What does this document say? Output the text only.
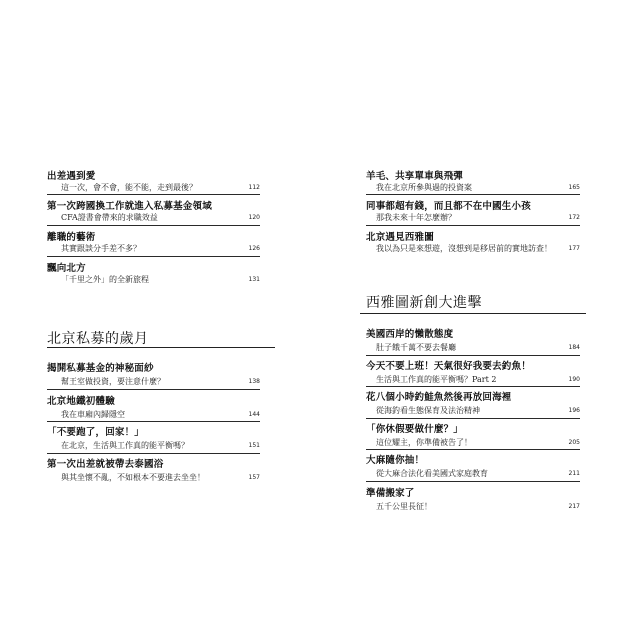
出差遇到愛
這一次，會不會，能不能，走到最後？	112
第一次跨國換工作就進入私募基金領域
CFA證書會帶來的求職效益	120
離職的藝術
其實跟談分手差不多？	126
飄向北方
「千里之外」的全新旅程	131
北京私募的歲月
揭開私募基金的神秘面紗
幫王室做投資，要注意什麼？	138
北京地鐵初體驗
我在車廂內歸隱空	144
「不要跑了，回家！」
在北京，生活與工作真的能平衡嗎？	151
第一次出差就被帶去泰國浴
與其坐懷不亂，不如根本不要進去坐坐！	157
羊毛、共享單車與飛彈
我在北京所參與過的投資案	165
同事都超有錢，而且都不在中國生小孩
那我未來十年怎麼辦？	172
北京遇見西雅圖
我以為只是來想遊，沒想到是移居前的實地訪查！	177
西雅圖新創大進擊
美國西岸的懶散態度
肚子餓千萬不要去餐廳	184
今天不要上班！天氣很好我要去釣魚！
生活與工作真的能平衡嗎？Part 2	190
花八個小時釣鮭魚然後再放回海裡
從海釣看生態保育及法治精神	196
「你休假要做什麼？」
這位耀主，你準備被告了！	205
大麻隨你抽！
從大麻合法化看美國式家庭教育	211
準備搬家了
五千公里長征！	217
